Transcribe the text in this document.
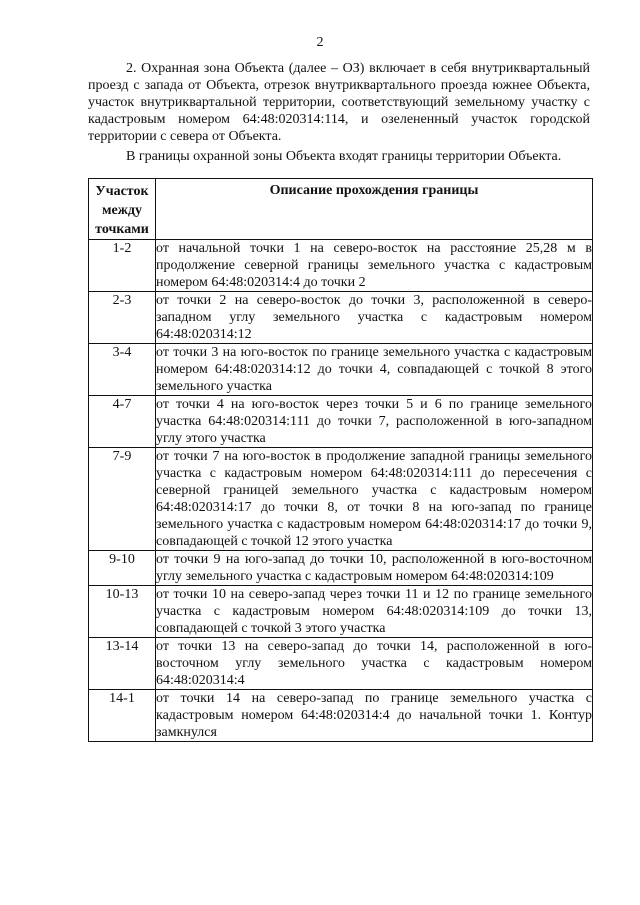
2

2. Охранная зона Объекта (далее – ОЗ) включает в себя внутриквартальный проезд с запада от Объекта, отрезок внутриквартального проезда южнее Объекта, участок внутриквартальной территории, соответствующий земельному участку с кадастровым номером 64:48:020314:114, и озелененный участок городской территории с севера от Объекта.

В границы охранной зоны Объекта входят границы территории Объекта.

Участок между точками	Описание прохождения границы
1-2	от начальной точки 1 на северо-восток на расстояние 25,28 м в продолжение северной границы земельного участка с кадастровым номером 64:48:020314:4 до точки 2
2-3	от точки 2 на северо-восток до точки 3, расположенной в северо-западном углу земельного участка с кадастровым номером 64:48:020314:12
3-4	от точки 3 на юго-восток по границе земельного участка с кадастровым номером 64:48:020314:12 до точки 4, совпадающей с точкой 8 этого земельного участка
4-7	от точки 4 на юго-восток через точки 5 и 6 по границе земельного участка 64:48:020314:111 до точки 7, расположенной в юго-западном углу этого участка
7-9	от точки 7 на юго-восток в продолжение западной границы земельного участка с кадастровым номером 64:48:020314:111 до пересечения с северной границей земельного участка с кадастровым номером 64:48:020314:17 до точки 8, от точки 8 на юго-запад по границе земельного участка с кадастровым номером 64:48:020314:17 до точки 9, совпадающей с точкой 12 этого участка
9-10	от точки 9 на юго-запад до точки 10, расположенной в юго-восточном углу земельного участка с кадастровым номером 64:48:020314:109
10-13	от точки 10 на северо-запад через точки 11 и 12 по границе земельного участка с кадастровым номером 64:48:020314:109 до точки 13, совпадающей с точкой 3 этого участка
13-14	от точки 13 на северо-запад до точки 14, расположенной в юго-восточном углу земельного участка с кадастровым номером 64:48:020314:4
14-1	от точки 14 на северо-запад по границе земельного участка с кадастровым номером 64:48:020314:4 до начальной точки 1. Контур замкнулся
